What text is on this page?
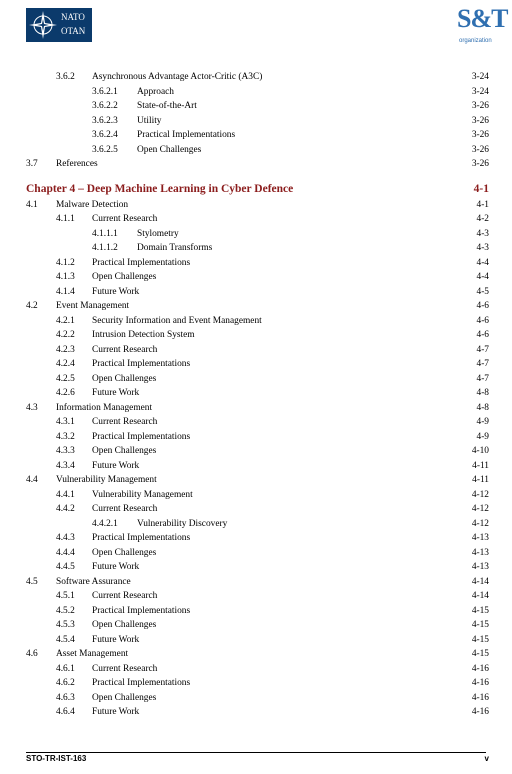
NATO
OTAN	S&T
organization
3.6.2 Asynchronous Advantage Actor-Critic (A3C)	3-24
3.6.2.1 Approach	3-24
3.6.2.2 State-of-the-Art	3-26
3.6.2.3 Utility	3-26
3.6.2.4 Practical Implementations	3-26
3.6.2.5 Open Challenges	3-26
3.7 References	3-26
Chapter 4 – Deep Machine Learning in Cyber Defence	4-1
4.1 Malware Detection	4-1
4.1.1 Current Research	4-2
4.1.1.1 Stylometry	4-3
4.1.1.2 Domain Transforms	4-3
4.1.2 Practical Implementations	4-4
4.1.3 Open Challenges	4-4
4.1.4 Future Work	4-5
4.2 Event Management	4-6
4.2.1 Security Information and Event Management	4-6
4.2.2 Intrusion Detection System	4-6
4.2.3 Current Research	4-7
4.2.4 Practical Implementations	4-7
4.2.5 Open Challenges	4-7
4.2.6 Future Work	4-8
4.3 Information Management	4-8
4.3.1 Current Research	4-9
4.3.2 Practical Implementations	4-9
4.3.3 Open Challenges	4-10
4.3.4 Future Work	4-11
4.4 Vulnerability Management	4-11
4.4.1 Vulnerability Management	4-12
4.4.2 Current Research	4-12
4.4.2.1 Vulnerability Discovery	4-12
4.4.3 Practical Implementations	4-13
4.4.4 Open Challenges	4-13
4.4.5 Future Work	4-13
4.5 Software Assurance	4-14
4.5.1 Current Research	4-14
4.5.2 Practical Implementations	4-15
4.5.3 Open Challenges	4-15
4.5.4 Future Work	4-15
4.6 Asset Management	4-15
4.6.1 Current Research	4-16
4.6.2 Practical Implementations	4-16
4.6.3 Open Challenges	4-16
4.6.4 Future Work	4-16
STO-TR-IST-163	v
